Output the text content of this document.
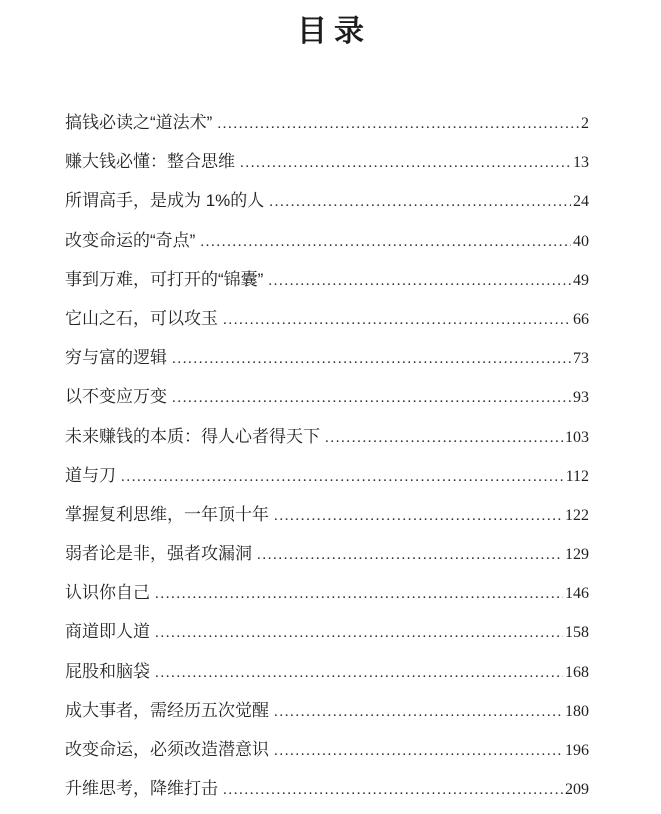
目录
搞钱必读之“道法术” .....	2
赚大钱必懂：整合思维 .....	13
所谓高手，是成为 1%的人 .....	24
改变命运的“奇点” .....	40
事到万难，可打开的“锦囊” .....	49
它山之石，可以攻玉 .....	66
穷与富的逻辑 .....	73
以不变应万变 .....	93
未来赚钱的本质：得人心者得天下 .....	103
道与刀 .....	112
掌握复利思维，一年顶十年 .....	122
弱者论是非，强者攻漏洞 .....	129
认识你自己 .....	146
商道即人道 .....	158
屁股和脑袋 .....	168
成大事者，需经历五次觉醒 .....	180
改变命运，必须改造潜意识 .....	196
升维思考，降维打击 .....	209
